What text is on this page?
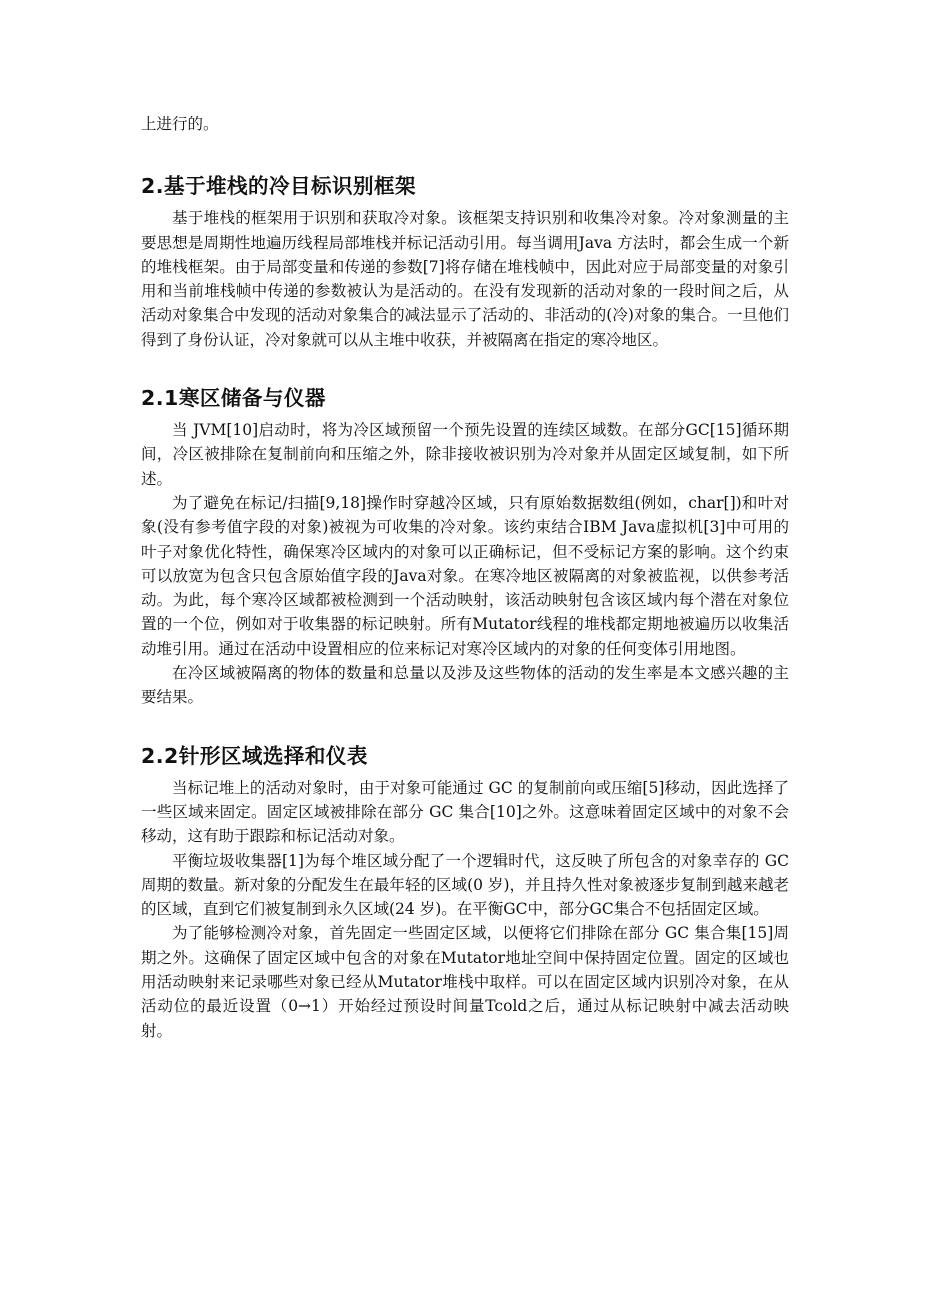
上进行的。

2.基于堆栈的冷目标识别框架

基于堆栈的框架用于识别和获取冷对象。该框架支持识别和收集冷对象。冷对象测量的主要思想是周期性地遍历线程局部堆栈并标记活动引用。每当调用Java 方法时，都会生成一个新的堆栈框架。由于局部变量和传递的参数[7]将存储在堆栈帧中，因此对应于局部变量的对象引用和当前堆栈帧中传递的参数被认为是活动的。在没有发现新的活动对象的一段时间之后，从活动对象集合中发现的活动对象集合的减法显示了活动的、非活动的(冷)对象的集合。一旦他们得到了身份认证，冷对象就可以从主堆中收获，并被隔离在指定的寒冷地区。

2.1寒区储备与仪器

当 JVM[10]启动时，将为冷区域预留一个预先设置的连续区域数。在部分GC[15]循环期间，冷区被排除在复制前向和压缩之外，除非接收被识别为冷对象并从固定区域复制，如下所述。

为了避免在标记/扫描[9,18]操作时穿越冷区域，只有原始数据数组(例如，char[])和叶对象(没有参考值字段的对象)被视为可收集的冷对象。该约束结合IBM Java虚拟机[3]中可用的叶子对象优化特性，确保寒冷区域内的对象可以正确标记，但不受标记方案的影响。这个约束可以放宽为包含只包含原始值字段的Java对象。在寒冷地区被隔离的对象被监视，以供参考活动。为此，每个寒冷区域都被检测到一个活动映射，该活动映射包含该区域内每个潜在对象位置的一个位，例如对于收集器的标记映射。所有Mutator线程的堆栈都定期地被遍历以收集活动堆引用。通过在活动中设置相应的位来标记对寒冷区域内的对象的任何变体引用地图。

在冷区域被隔离的物体的数量和总量以及涉及这些物体的活动的发生率是本文感兴趣的主要结果。

2.2针形区域选择和仪表

当标记堆上的活动对象时，由于对象可能通过 GC 的复制前向或压缩[5]移动，因此选择了一些区域来固定。固定区域被排除在部分 GC 集合[10]之外。这意味着固定区域中的对象不会移动，这有助于跟踪和标记活动对象。

平衡垃圾收集器[1]为每个堆区域分配了一个逻辑时代，这反映了所包含的对象幸存的 GC 周期的数量。新对象的分配发生在最年轻的区域(0 岁)，并且持久性对象被逐步复制到越来越老的区域，直到它们被复制到永久区域(24 岁)。在平衡GC中，部分GC集合不包括固定区域。

为了能够检测冷对象，首先固定一些固定区域，以便将它们排除在部分 GC 集合集[15]周期之外。这确保了固定区域中包含的对象在Mutator地址空间中保持固定位置。固定的区域也用活动映射来记录哪些对象已经从Mutator堆栈中取样。可以在固定区域内识别冷对象，在从活动位的最近设置（0→1）开始经过预设时间量Tcold之后，通过从标记映射中减去活动映射。
